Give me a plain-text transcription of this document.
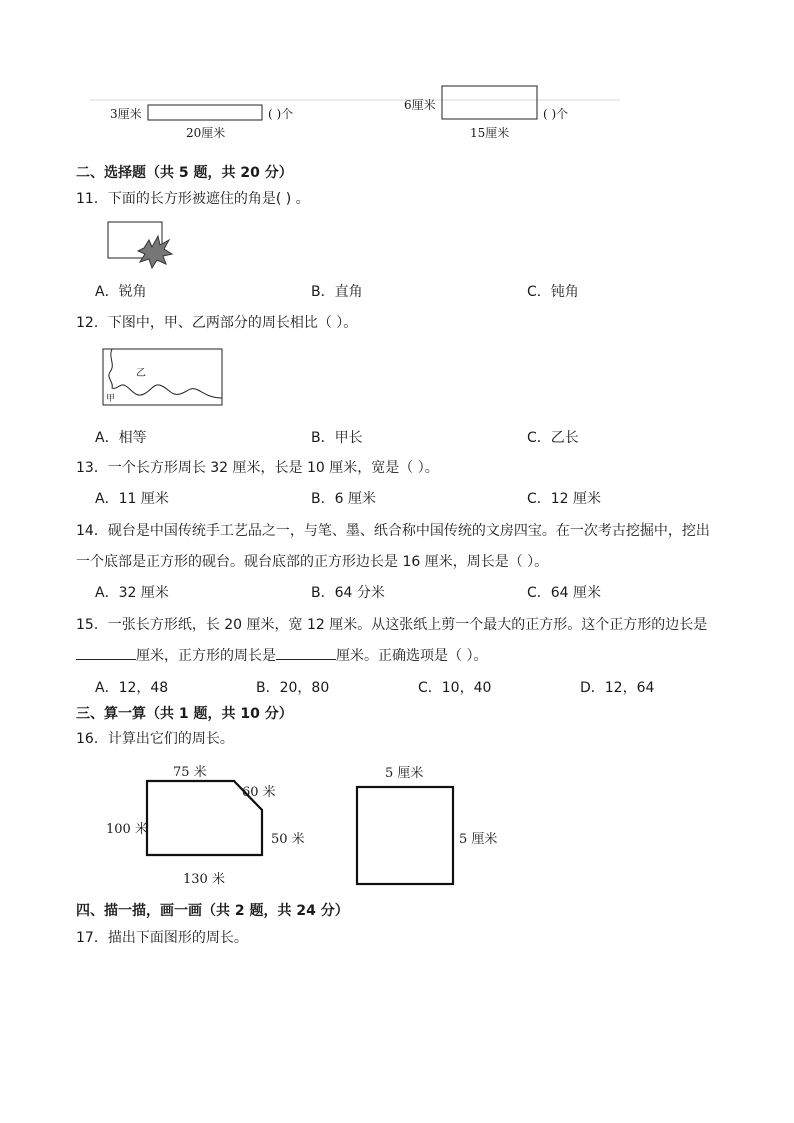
3厘米	( )个
20厘米
6厘米
( )个
15厘米
二、选择题（共 5 题，共 20 分）
11．下面的长方形被遮住的角是( ) 。
A．锐角	B．直角	C．钝角
12．下图中，甲、乙两部分的周长相比（ ）。
乙
甲
A．相等	B．甲长	C．乙长
13．一个长方形周长 32 厘米，长是 10 厘米，宽是（ ）。
A．11 厘米	B．6 厘米	C．12 厘米
14．砚台是中国传统手工艺品之一，与笔、墨、纸合称中国传统的文房四宝。在一次考古挖掘中，挖出
一个底部是正方形的砚台。砚台底部的正方形边长是 16 厘米，周长是（ ）。
A．32 厘米	B．64 分米	C．64 厘米
15．一张长方形纸，长 20 厘米，宽 12 厘米。从这张纸上剪一个最大的正方形。这个正方形的边长是
厘米，正方形的周长是	厘米。正确选项是（ ）。
A．12，48	B．20，80	C．10，40	D．12，64
三、算一算（共 1 题，共 10 分）
16．计算出它们的周长。
75 米
60 米
100 米
50 米
130 米
5 厘米
5 厘米
四、描一描，画一画（共 2 题，共 24 分）
17．描出下面图形的周长。
